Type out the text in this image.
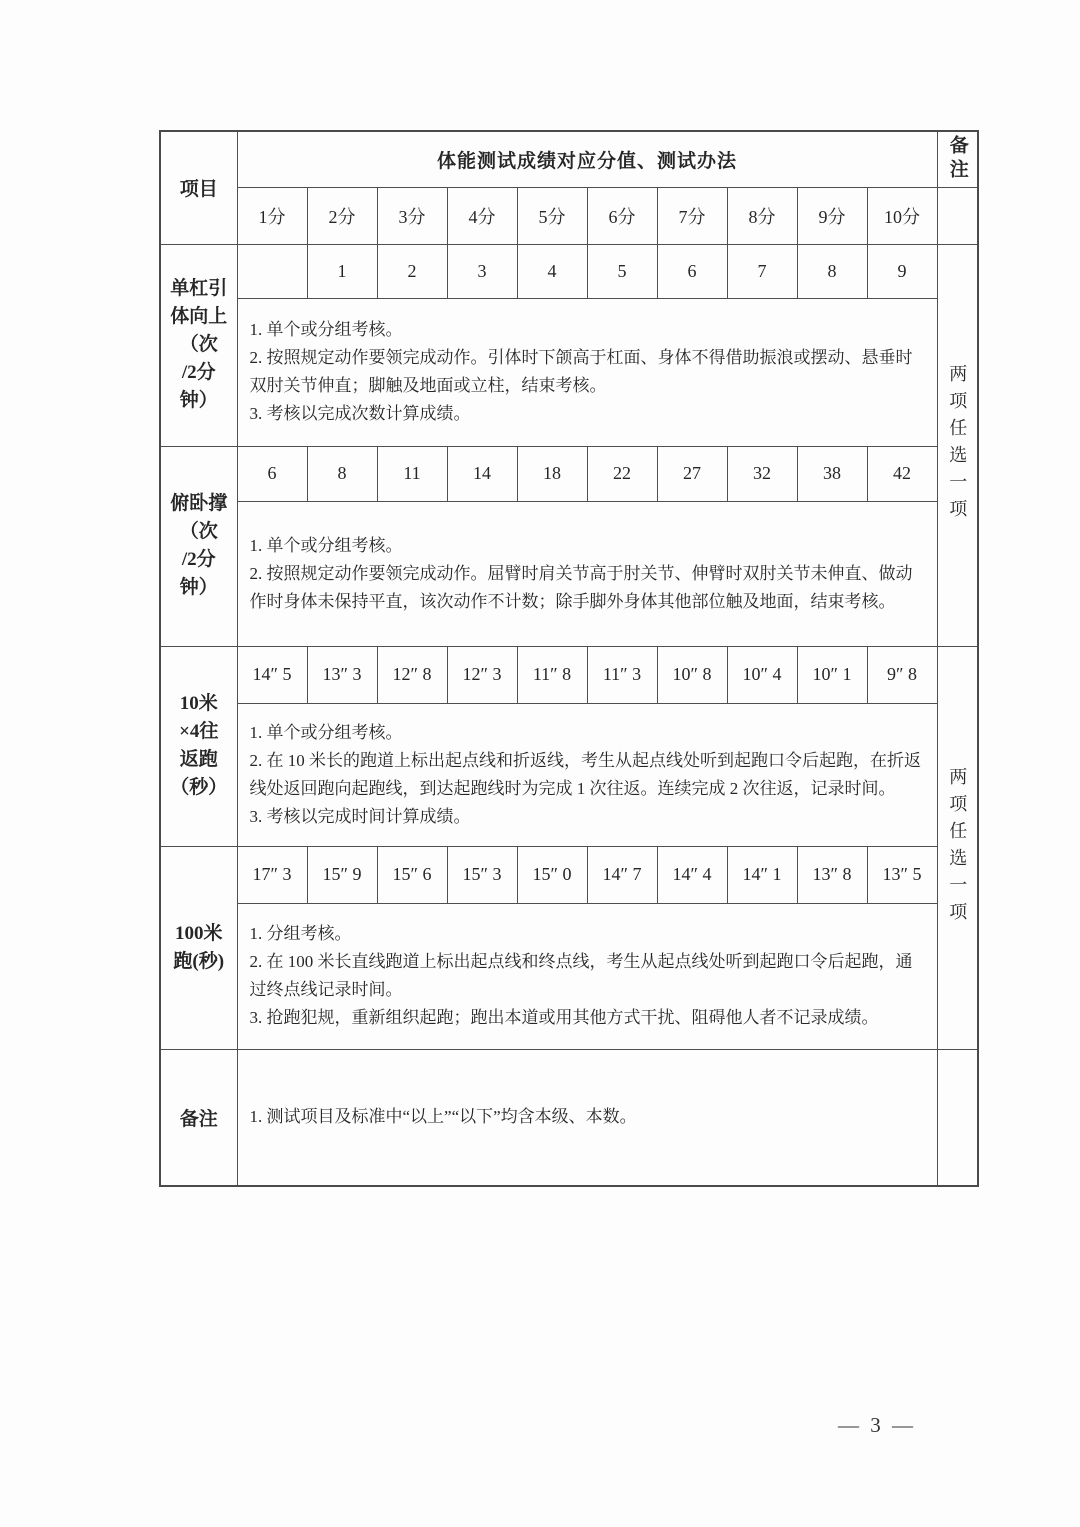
项目	体能测试成绩对应分值、测试办法										备注

	1分	2分	3分	4分	5分	6分	7分	8分	9分	10分	

单杠引
体向上
（次
/2分
钟）		1	2	3	4	5	6	7	8	9	两项任选一项

	1. 单个或分组考核。
2. 按照规定动作要领完成动作。引体时下颌高于杠面、身体不得借助振浪或摆动、悬垂时双肘关节伸直；脚触及地面或立柱，结束考核。
3. 考核以完成次数计算成绩。										

俯卧撑
（次
/2分
钟）	6	8	11	14	18	22	27	32	38	42	

	1. 单个或分组考核。
2. 按照规定动作要领完成动作。屈臂时肩关节高于肘关节、伸臂时双肘关节未伸直、做动作时身体未保持平直，该次动作不计数；除手脚外身体其他部位触及地面，结束考核。										

10米
×4往
返跑
（秒）	14″ 5	13″ 3	12″ 8	12″ 3	11″ 8	11″ 3	10″ 8	10″ 4	10″ 1	9″ 8	两项任选一项

	1. 单个或分组考核。
2. 在 10 米长的跑道上标出起点线和折返线，考生从起点线处听到起跑口令后起跑，在折返线处返回跑向起跑线，到达起跑线时为完成 1 次往返。连续完成 2 次往返，记录时间。
3. 考核以完成时间计算成绩。										

100米
跑(秒)	17″ 3	15″ 9	15″ 6	15″ 3	15″ 0	14″ 7	14″ 4	14″ 1	13″ 8	13″ 5	

	1. 分组考核。
2. 在 100 米长直线跑道上标出起点线和终点线，考生从起点线处听到起跑口令后起跑，通过终点线记录时间。
3. 抢跑犯规，重新组织起跑；跑出本道或用其他方式干扰、阻碍他人者不记录成绩。										

备注	1. 测试项目及标准中“以上”“以下”均含本级、本数。										

— 3 —
